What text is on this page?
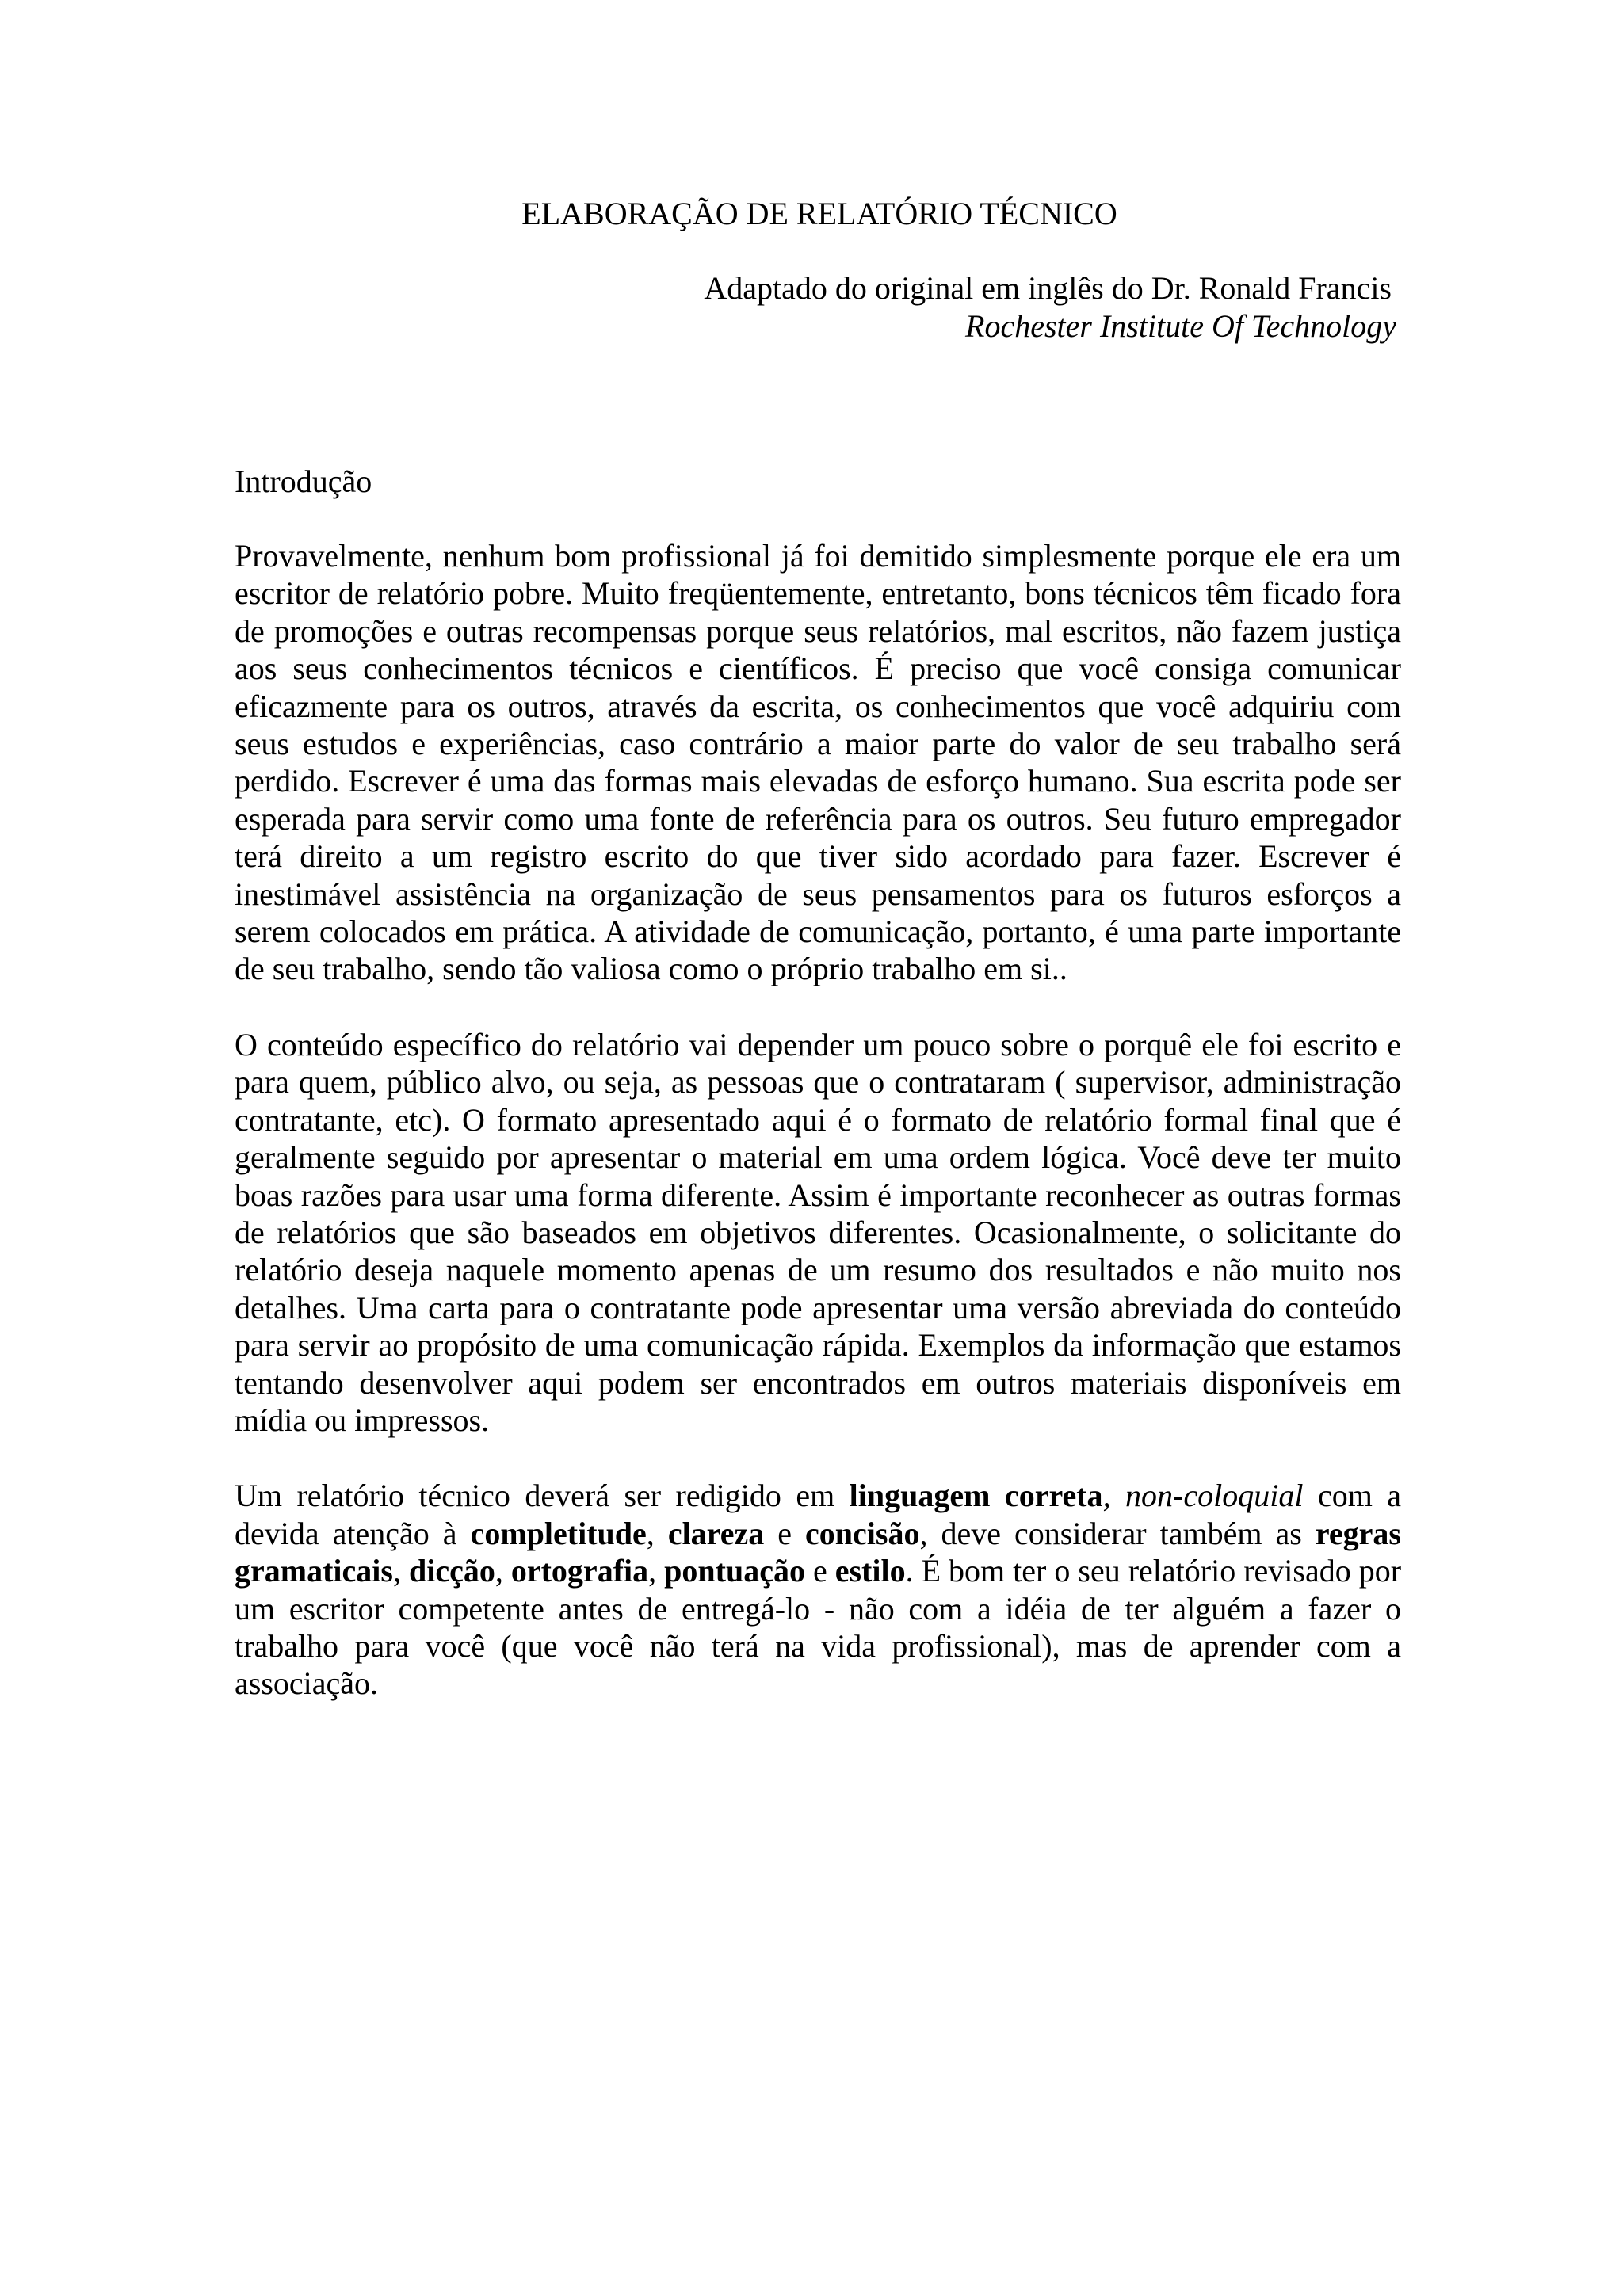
ELABORAÇÃO DE RELATÓRIO TÉCNICO
Adaptado do original em inglês do Dr. Ronald Francis
Rochester Institute Of Technology
Introdução

Provavelmente, nenhum bom profissional já foi demitido simplesmente porque ele era um escritor de relatório pobre. Muito freqüentemente, entretanto, bons técnicos têm ficado fora de promoções e outras recompensas porque seus relatórios, mal escritos, não fazem justiça aos seus conhecimentos técnicos e científicos. É preciso que você consiga comunicar eficazmente para os outros, através da escrita, os conhecimentos que você adquiriu com seus estudos e experiências, caso contrário a maior parte do valor de seu trabalho será perdido. Escrever é uma das formas mais elevadas de esforço humano. Sua escrita pode ser esperada para servir como uma fonte de referência para os outros. Seu futuro empregador terá direito a um registro escrito do que tiver sido acordado para fazer. Escrever é inestimável assistência na organização de seus pensamentos para os futuros esforços a serem colocados em prática. A atividade de comunicação, portanto, é uma parte importante de seu trabalho, sendo tão valiosa como o próprio trabalho em si..

O conteúdo específico do relatório vai depender um pouco sobre o porquê ele foi escrito e para quem, público alvo, ou seja, as pessoas que o contrataram ( supervisor, administração contratante, etc). O formato apresentado aqui é o formato de relatório formal final que é geralmente seguido por apresentar o material em uma ordem lógica. Você deve ter muito boas razões para usar uma forma diferente. Assim é importante reconhecer as outras formas de relatórios que são baseados em objetivos diferentes. Ocasionalmente, o solicitante do relatório deseja naquele momento apenas de um resumo dos resultados e não muito nos detalhes. Uma carta para o contratante pode apresentar uma versão abreviada do conteúdo para servir ao propósito de uma comunicação rápida. Exemplos da informação que estamos tentando desenvolver aqui podem ser encontrados em outros materiais disponíveis em mídia ou impressos.

Um relatório técnico deverá ser redigido em linguagem correta, non-coloquial com a devida atenção à completitude, clareza e concisão, deve considerar também as regras gramaticais, dicção, ortografia, pontuação e estilo. É bom ter o seu relatório revisado por um escritor competente antes de entregá-lo - não com a idéia de ter alguém a fazer o trabalho para você (que você não terá na vida profissional), mas de aprender com a associação.
